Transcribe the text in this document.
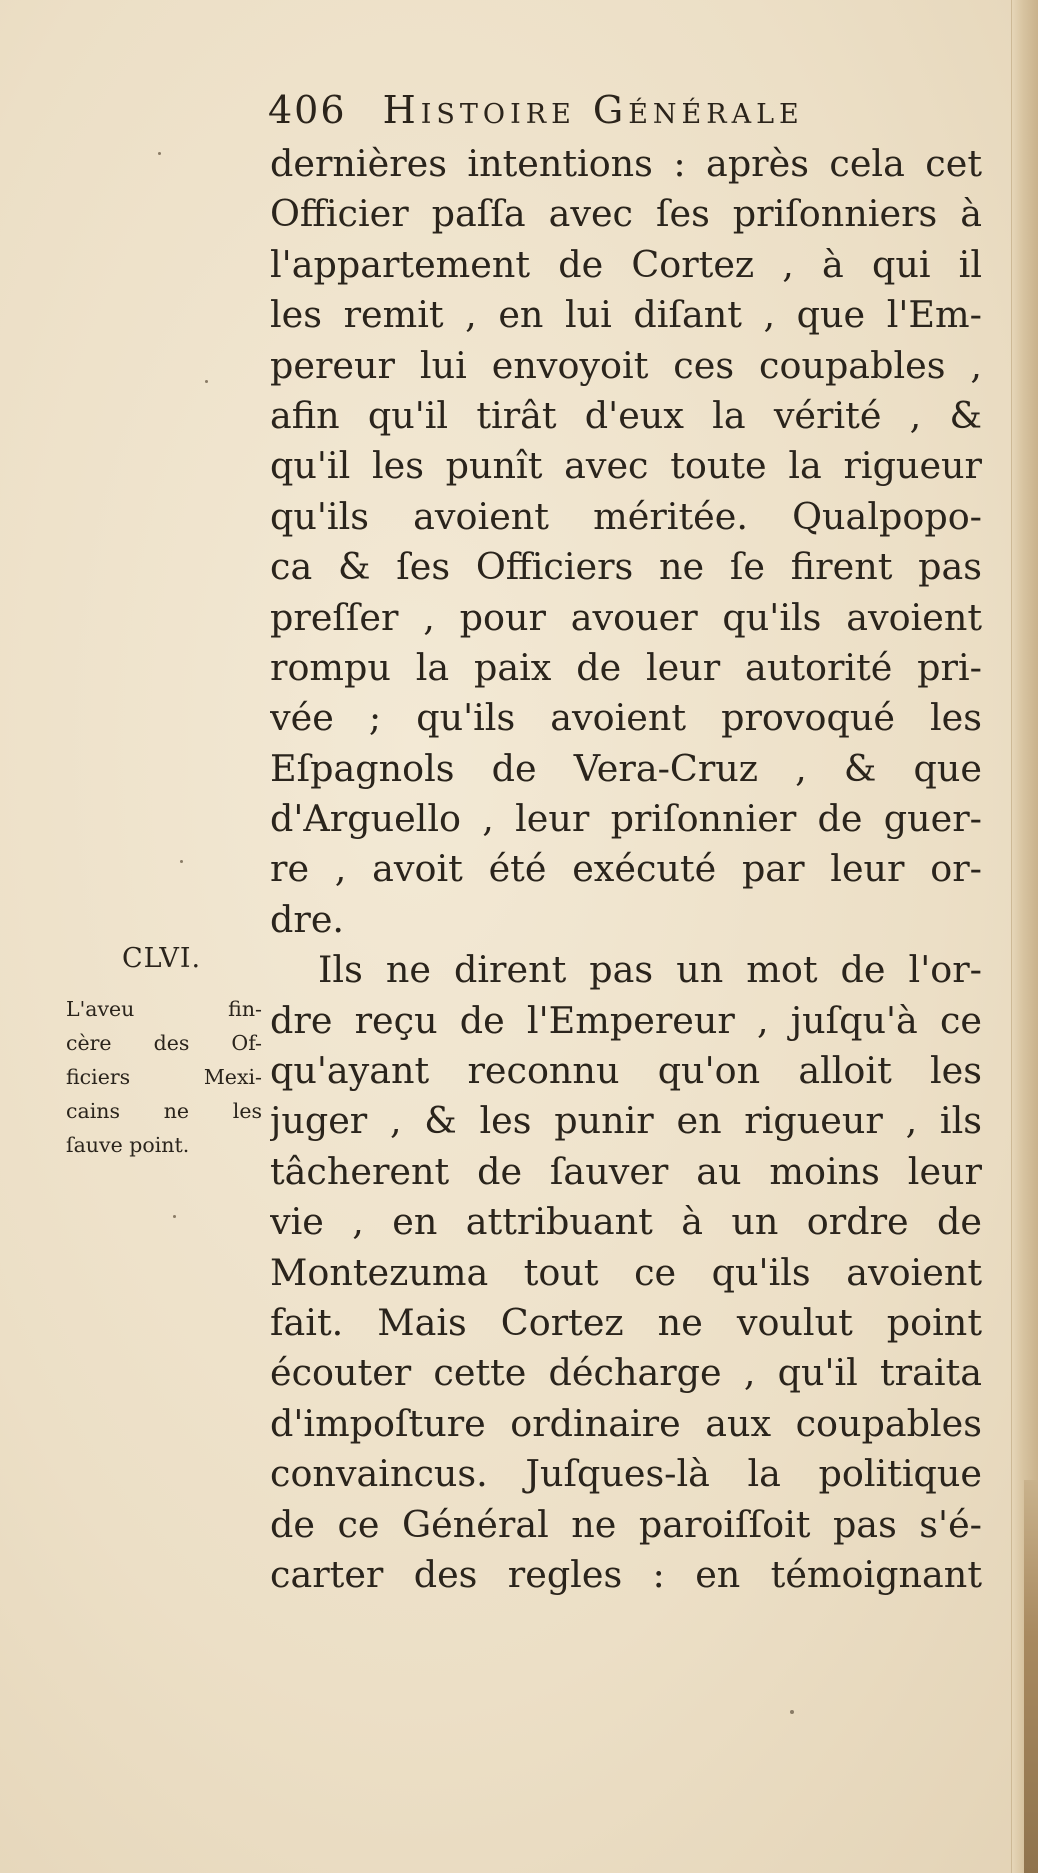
406 Histoire Générale
dernières intentions : après cela cet
Officier paſſa avec ſes priſonniers à
l'appartement de Cortez , à qui il
les remit , en lui diſant , que l'Em-
pereur lui envoyoit ces coupables ,
afin qu'il tirât d'eux la vérité , &
qu'il les punît avec toute la rigueur
qu'ils avoient méritée. Qualpopo-
ca & ſes Officiers ne ſe firent pas
preſſer , pour avouer qu'ils avoient
rompu la paix de leur autorité pri-
vée ; qu'ils avoient provoqué les
Eſpagnols de Vera-Cruz , & que
d'Arguello , leur priſonnier de guer-
re , avoit été exécuté par leur or-
dre.
Ils ne dirent pas un mot de l'or-
dre reçu de l'Empereur , juſqu'à ce
qu'ayant reconnu qu'on alloit les
juger , & les punir en rigueur , ils
tâcherent de ſauver au moins leur
vie , en attribuant à un ordre de
Montezuma tout ce qu'ils avoient
fait. Mais Cortez ne voulut point
écouter cette décharge , qu'il traita
d'impoſture ordinaire aux coupables
convaincus. Juſques-là la politique
de ce Général ne paroiſſoit pas s'é-
carter des regles : en témoignant
CLVI.
L'aveu fin-
cère des Of-
ficiers Mexi-
cains ne les
ſauve point.
